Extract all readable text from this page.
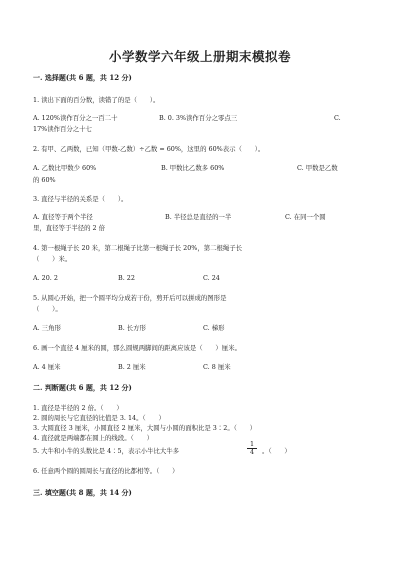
小学数学六年级上册期末模拟卷
一. 选择题(共 6 题，共 12 分)
1. 读出下面的百分数，读错了的是（　　）。
A. 120%读作百分之一百二十	B. 0. 3%读作百分之零点三	C.
17%读作百分之十七
2. 有甲、乙两数，已知（甲数-乙数）÷乙数 = 60%，这里的 60%表示（　　）。
A. 乙数比甲数少 60%	B. 甲数比乙数多 60%	C. 甲数是乙数
的 60%
3. 直径与半径的关系是（　　）。
A. 直径等于两个半径	B. 半径总是直径的一半	C. 在同一个圆
里，直径等于半径的 2 倍
4. 第一根绳子长 20 米，第二根绳子比第一根绳子长 20%，第二根绳子长
（　　）米。
A. 20. 2	B. 22	C. 24
5. 从圆心开始，把一个圆平均分成若干份，剪开后可以拼成的图形是
（　　）。
A. 三角形	B. 长方形	C. 梯形
6. 画一个直径 4 厘米的圆，那么圆规两脚间的距离应该是（　　）厘米。
A. 4 厘米	B. 2 厘米	C. 8 厘米
二. 判断题(共 6 题，共 12 分)
1. 直径是半径的 2 倍。（　　）
2. 圆的周长与它直径的比值是 3. 14。（　　）
3. 大圆直径 3 厘米，小圆直径 2 厘米，大圆与小圆的面积比是 3∶2。（　　）
4. 直径就是两端都在圆上的线段。（　　）
5. 大牛和小牛的头数比是 4∶5，表示小牛比大牛多	$\frac{1}{4}$ 。（　　）
6. 任意两个圆的圆周长与直径的比都相等。（　　）
三. 填空题(共 8 题，共 14 分)
